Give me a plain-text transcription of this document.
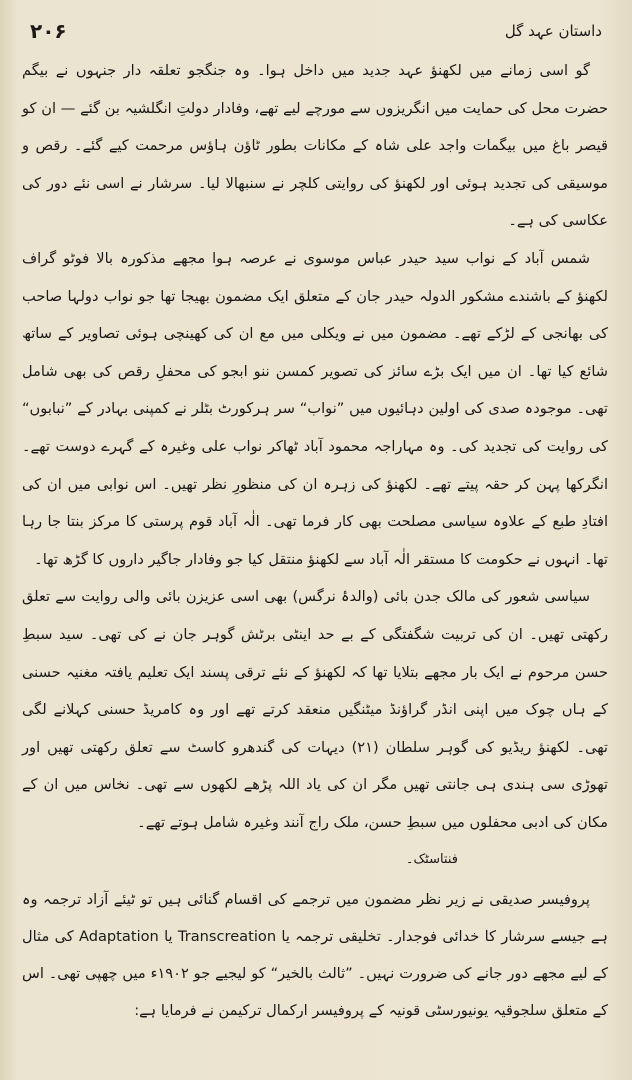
۲۰۶	داستان عہد گل

گو اسی زمانے میں لکھنؤ عہد جدید میں داخل ہوا۔ وہ جنگجو تعلقہ دار جنہوں نے بیگم حضرت محل کی حمایت میں انگریزوں سے مورچے لیے تھے، وفادار دولتِ انگلشیہ بن گئے — ان کو قیصر باغ میں بیگمات واجد علی شاہ کے مکانات بطور ٹاؤن ہاؤس مرحمت کیے گئے۔ رقص و موسیقی کی تجدید ہوئی اور لکھنؤ کی روایتی کلچر نے سنبھالا لیا۔ سرشار نے اسی نئے دور کی عکاسی کی ہے۔

شمس آباد کے نواب سید حیدر عباس موسوی نے عرصہ ہوا مجھے مذکورہ بالا فوٹو گراف لکھنؤ کے باشندے مشکور الدولہ حیدر جان کے متعلق ایک مضمون بھیجا تھا جو نواب دولہا صاحب کی بھانجی کے لڑکے تھے۔ مضمون میں نے ویکلی میں مع ان کی کھینچی ہوئی تصاویر کے ساتھ شائع کیا تھا۔ ان میں ایک بڑے سائز کی تصویر کمسن ننو ابجو کی محفلِ رقص کی بھی شامل تھی۔ موجودہ صدی کی اولین دہائیوں میں ”نواب“ سر ہرکورٹ بٹلر نے کمپنی بہادر کے ”نبابوں“ کی روایت کی تجدید کی۔ وہ مہاراجہ محمود آباد ٹھاکر نواب علی وغیرہ کے گہرے دوست تھے۔ انگرکھا پہن کر حقہ پیتے تھے۔ لکھنؤ کی زہرہ ان کی منظورِ نظر تھیں۔ اس نوابی میں ان کی افتادِ طبع کے علاوہ سیاسی مصلحت بھی کار فرما تھی۔ الٰہ آباد قوم پرستی کا مرکز بنتا جا رہا تھا۔ انہوں نے حکومت کا مستقر الٰہ آباد سے لکھنؤ منتقل کیا جو وفادار جاگیر داروں کا گڑھ تھا۔

سیاسی شعور کی مالک جدن بائی (والدۂ نرگس) بھی اسی عزیزن بائی والی روایت سے تعلق رکھتی تھیں۔ ان کی تربیت شگفتگی کے بے حد اینٹی برٹش گوہر جان نے کی تھی۔ سید سبطِ حسن مرحوم نے ایک بار مجھے بتلایا تھا کہ لکھنؤ کے نئے ترقی پسند ایک تعلیم یافتہ مغنیہ حسنی کے ہاں چوک میں اپنی انڈر گراؤنڈ میٹنگیں منعقد کرتے تھے اور وہ کامریڈ حسنی کہلانے لگی تھی۔ لکھنؤ ریڈیو کی گوہر سلطان (۲۱) دیہات کی گندھرو کاسٹ سے تعلق رکھتی تھیں اور تھوڑی سی ہندی ہی جانتی تھیں مگر ان کی یاد اللہ پڑھے لکھوں سے تھی۔ نخاس میں ان کے مکان کی ادبی محفلوں میں سبطِ حسن، ملک راج آنند وغیرہ شامل ہوتے تھے۔

فنتاسٹک۔

پروفیسر صدیقی نے زیر نظر مضمون میں ترجمے کی اقسام گنائی ہیں تو ٹیئے آزاد ترجمہ وہ ہے جیسے سرشار کا خدائی فوجدار۔ تخلیقی ترجمہ یا Transcreation یا Adaptation کی مثال کے لیے مجھے دور جانے کی ضرورت نہیں۔ ”ثالث بالخیر“ کو لیجیے جو ۱۹۰۲ء میں چھپی تھی۔ اس کے متعلق سلجوقیہ یونیورسٹی قونیہ کے پروفیسر ارکمال ترکیمن نے فرمایا ہے:
